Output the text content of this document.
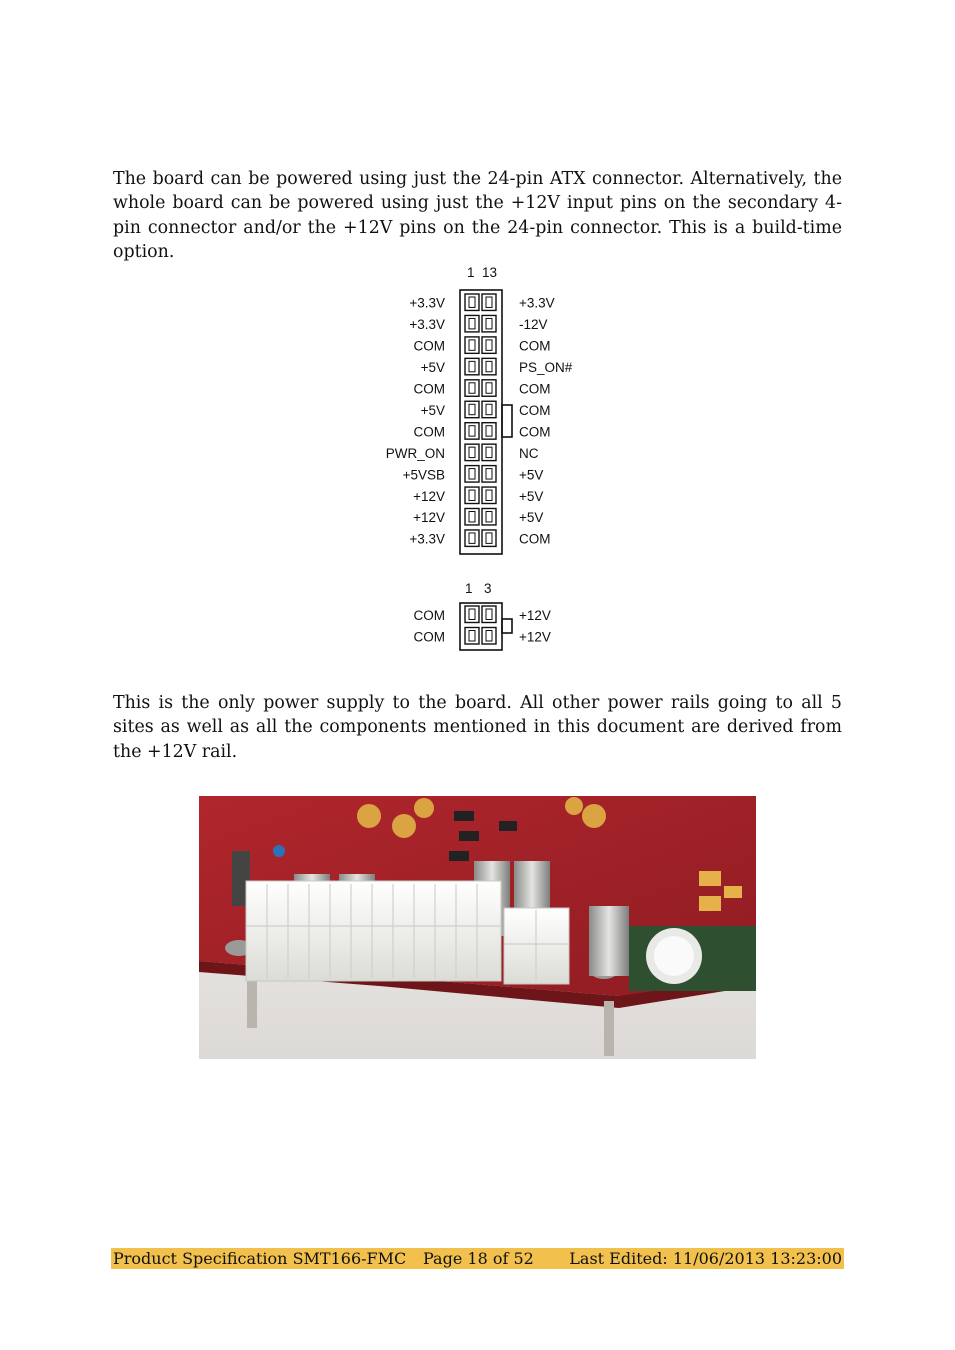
The board can be powered using just the 24-pin ATX connector. Alternatively, the whole board can be powered using just the +12V input pins on the secondary 4-pin connector and/or the +12V pins on the 24-pin connector. This is a build-time option.
1 13
+3.3V
+3.3V
COM
+5V
COM
+5V
COM
PWR_ON
+5VSB
+12V
+12V
+3.3V
+3.3V
-12V
COM
PS_ON#
COM
COM
COM
NC
+5V
+5V
+5V
COM
1 3
COM
COM
+12V
+12V
This is the only power supply to the board. All other power rails going to all 5 sites as well as all the components mentioned in this document are derived from the +12V rail.
Product Specification SMT166-FMC Page 18 of 52 Last Edited: 11/06/2013 13:23:00
